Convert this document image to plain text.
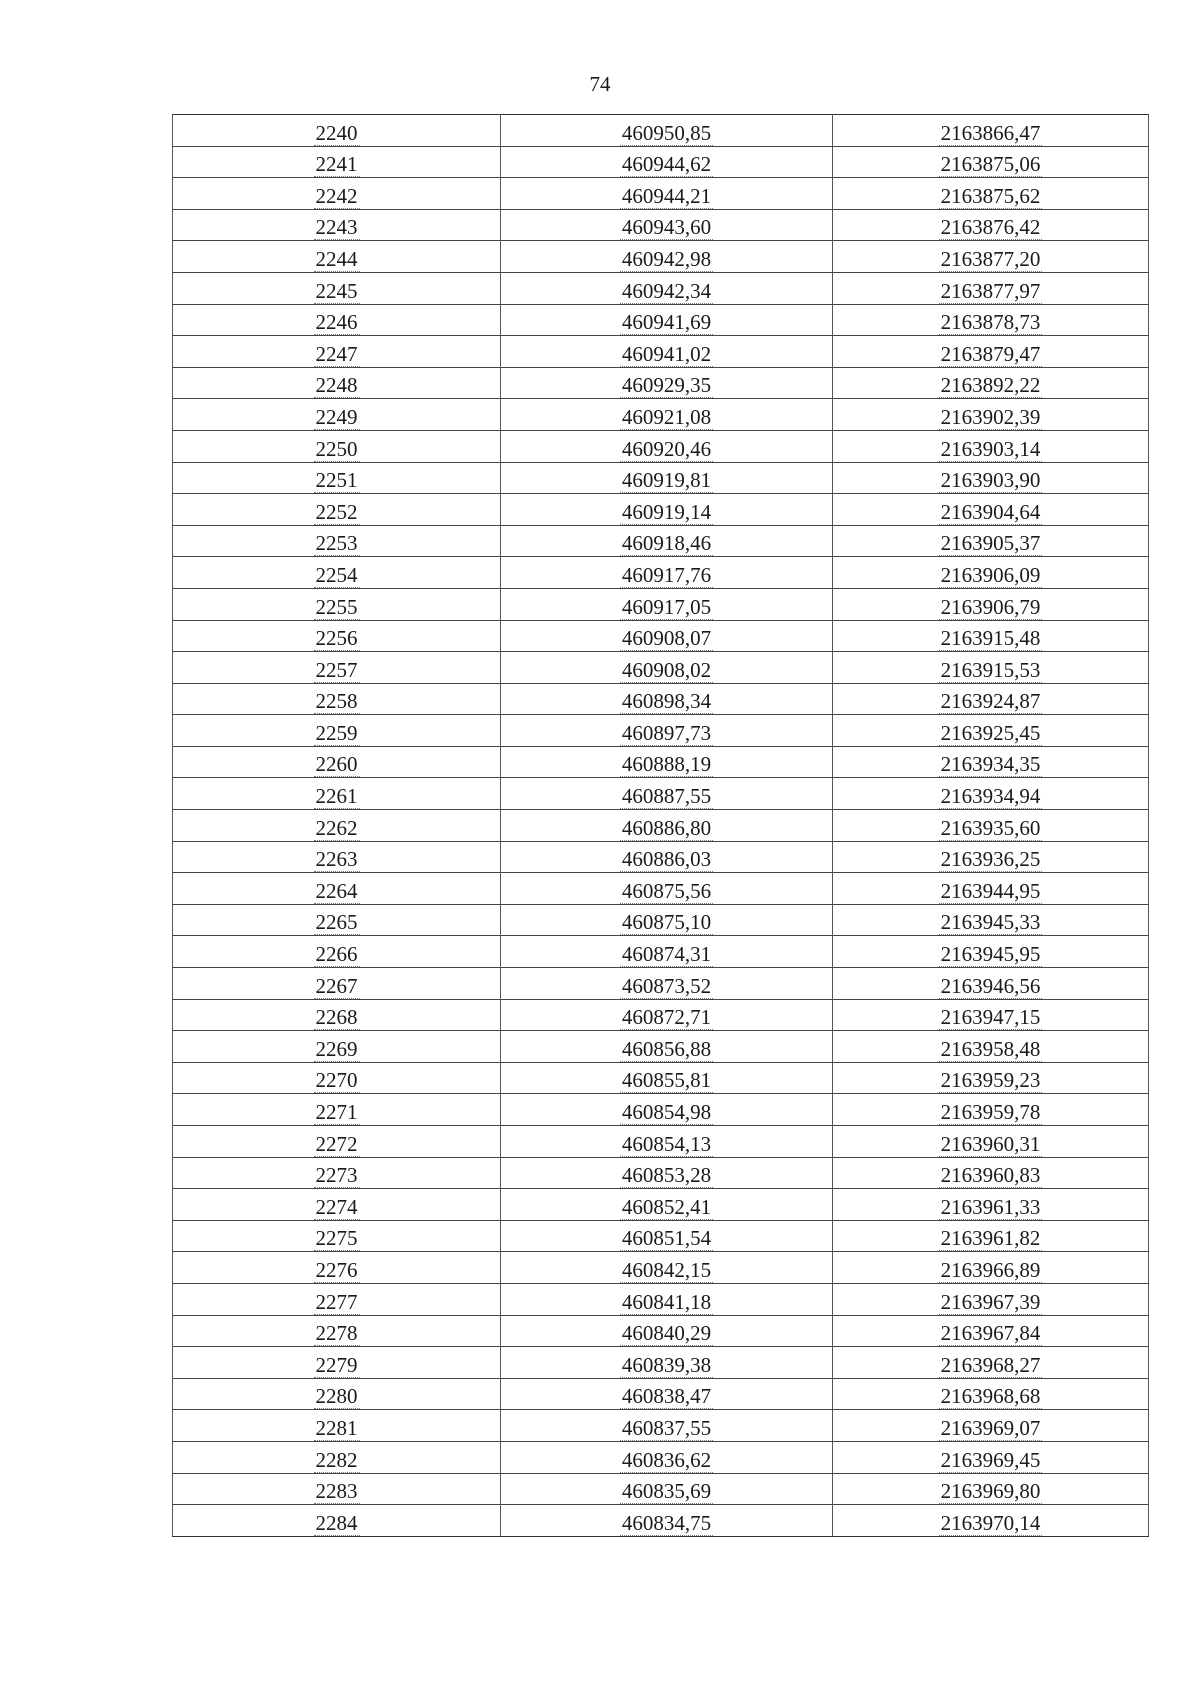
74
2240	460950,85	2163866,47
2241	460944,62	2163875,06
2242	460944,21	2163875,62
2243	460943,60	2163876,42
2244	460942,98	2163877,20
2245	460942,34	2163877,97
2246	460941,69	2163878,73
2247	460941,02	2163879,47
2248	460929,35	2163892,22
2249	460921,08	2163902,39
2250	460920,46	2163903,14
2251	460919,81	2163903,90
2252	460919,14	2163904,64
2253	460918,46	2163905,37
2254	460917,76	2163906,09
2255	460917,05	2163906,79
2256	460908,07	2163915,48
2257	460908,02	2163915,53
2258	460898,34	2163924,87
2259	460897,73	2163925,45
2260	460888,19	2163934,35
2261	460887,55	2163934,94
2262	460886,80	2163935,60
2263	460886,03	2163936,25
2264	460875,56	2163944,95
2265	460875,10	2163945,33
2266	460874,31	2163945,95
2267	460873,52	2163946,56
2268	460872,71	2163947,15
2269	460856,88	2163958,48
2270	460855,81	2163959,23
2271	460854,98	2163959,78
2272	460854,13	2163960,31
2273	460853,28	2163960,83
2274	460852,41	2163961,33
2275	460851,54	2163961,82
2276	460842,15	2163966,89
2277	460841,18	2163967,39
2278	460840,29	2163967,84
2279	460839,38	2163968,27
2280	460838,47	2163968,68
2281	460837,55	2163969,07
2282	460836,62	2163969,45
2283	460835,69	2163969,80
2284	460834,75	2163970,14
